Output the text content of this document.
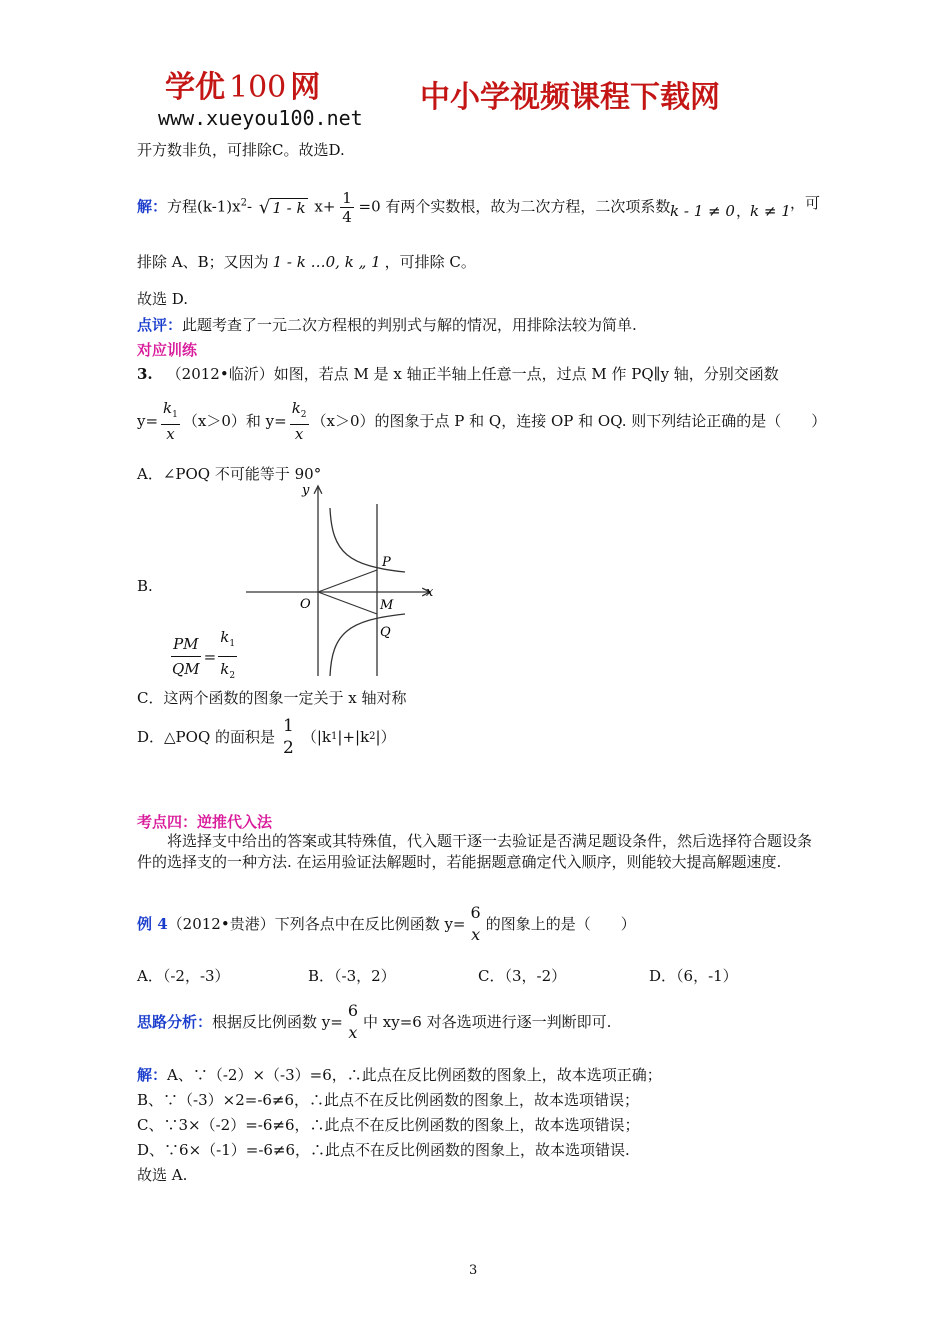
学优 100 网
www.xueyou100.net
中小学视频课程下载网
开方数非负，可排除C。故选D.
解：方程$(k-1)x^2-$ √ 1 - k $x+ \frac{1}{4} =0$ 有两个实数根，故为二次方程，二次项系数 k - 1 ≠ 0 ，
k ≠ 1 ，可
排除 A、B；又因为 1 - k …0, k „ 1 ，可排除 C。
故选 D.
点评：此题考查了一元二次方程根的判别式与解的情况，用排除法较为简单.
对应训练
3. （2012•临沂）如图，若点 M 是 x 轴正半轴上任意一点，过点 M 作 PQ∥y 轴，分别交函数
$y= \frac{k_1}{x} (x>0)$和 $y= \frac{k_2}{x} (x>0)$的图象于点 P 和 Q，连接 OP 和 OQ. 则下列结论正确的是（　　）
A．∠POQ 不可能等于 90°
B.
y
x
O
P
M
Q
$\frac{PM}{QM} = \frac{k_1}{k_2}$
C．这两个函数的图象一定关于 x 轴对称
D．△POQ 的面积是
1
2
（|k 1 |+|k 2 |）
考点四：逆推代入法
将选择支中给出的答案或其特殊值，代入题干逐一去验证是否满足题设条件，然后选择符合题设条件的选择支的一种方法. 在运用验证法解题时，若能据题意确定代入顺序，则能较大提高解题速度.
例 4 （2012•贵港）下列各点中在反比例函数 y=
6
x
的图象上的是（　　）
A．（-2，-3）	B．（-3，2）	C．（3，-2）	D．（6，-1）
思路分析： 根据反比例函数 y=
6
x
中 xy=6 对各选项进行逐一判断即可.
解：A、∵（-2）×（-3）=6，∴此点在反比例函数的图象上，故本选项正确；
B、∵（-3）×2=-6≠6，∴此点不在反比例函数的图象上，故本选项错误；
C、∵3×（-2）=-6≠6，∴此点不在反比例函数的图象上，故本选项错误；
D、∵6×（-1）=-6≠6，∴此点不在反比例函数的图象上，故本选项错误.
故选 A.
3
